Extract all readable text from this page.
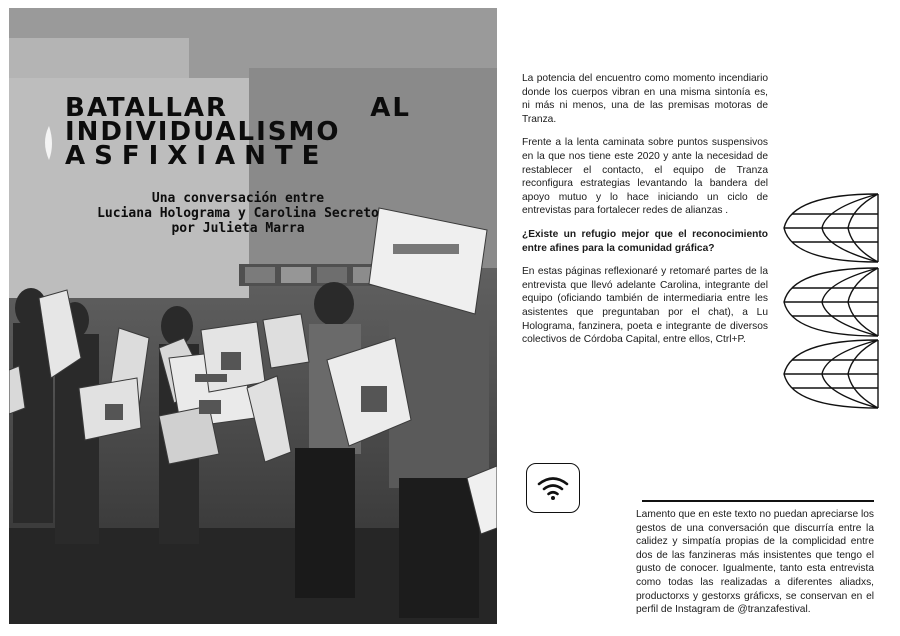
BATALLAR	AL
INDIVIDUALISMO
ASFIXIANTE
Una conversación entre
Luciana Holograma y Carolina Secreto
por Julieta Marra

La potencia del encuentro como momento incendiario donde los cuerpos vibran en una misma sintonía es, ni más ni menos, una de las premisas motoras de Tranza.

Frente a la lenta caminata sobre puntos suspensivos en la que nos tiene este 2020 y ante la necesidad de restablecer el contacto, el equipo de Tranza reconfigura estrategias levantando la bandera del apoyo mutuo y lo hace iniciando un ciclo de entrevistas para fortalecer redes de alianzas .

¿Existe un refugio mejor que el reconocimiento entre afines para la comunidad gráfica?

En estas páginas reflexionaré y retomaré partes de la entrevista que llevó adelante Carolina, integrante del equipo (oficiando también de intermediaria entre les asistentes que preguntaban por el chat), a Lu Holograma, fanzinera, poeta e integrante de diversos colectivos de Córdoba Capital, entre ellos, Ctrl+P.

Lamento que en este texto no puedan apreciarse los gestos de una conversación que discurría entre la calidez y simpatía propias de la complicidad entre dos de las fanzineras más insistentes que tengo el gusto de conocer. Igualmente, tanto esta entrevista como todas las realizadas a diferentes aliadxs, productorxs y gestorxs gráficxs, se conservan en el perfil de Instagram de @tranzafestival.
